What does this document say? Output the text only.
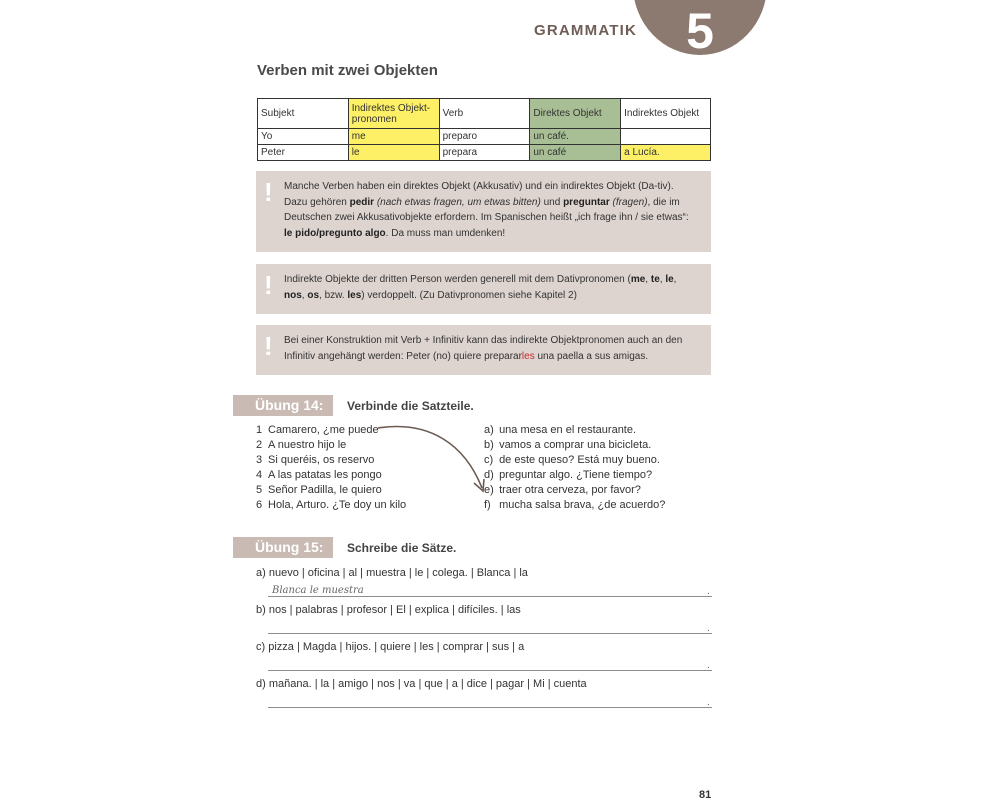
5
GRAMMATIK
Verben mit zwei Objekten
Subjekt	Indirektes Objekt-pronomen	Verb	Direktes Objekt	Indirektes Objekt
Yo	me	preparo	un café.	
Peter	le	prepara	un café	a Lucía.
! Manche Verben haben ein direktes Objekt (Akkusativ) und ein indirektes Objekt (Da-tiv). Dazu gehören pedir (nach etwas fragen, um etwas bitten) und preguntar (fragen), die im Deutschen zwei Akkusativobjekte erfordern. Im Spanischen heißt „ich frage ihn / sie etwas“: le pido/pregunto algo. Da muss man umdenken!
! Indirekte Objekte der dritten Person werden generell mit dem Dativpronomen (me, te, le, nos, os, bzw. les) verdoppelt. (Zu Dativpronomen siehe Kapitel 2)
! Bei einer Konstruktion mit Verb + Infinitiv kann das indirekte Objektpronomen auch an den Infinitiv angehängt werden: Peter (no) quiere prepararles una paella a sus amigas.
Übung 14:	Verbinde die Satzteile.
1 Camarero, ¿me puede
2 A nuestro hijo le
3 Si queréis, os reservo
4 A las patatas les pongo
5 Señor Padilla, le quiero
6 Hola, Arturo. ¿Te doy un kilo
a) una mesa en el restaurante.
b) vamos a comprar una bicicleta.
c) de este queso? Está muy bueno.
d) preguntar algo. ¿Tiene tiempo?
e) traer otra cerveza, por favor?
f) mucha salsa brava, ¿de acuerdo?
Übung 15:	Schreibe die Sätze.
a) nuevo | oficina | al | muestra | le | colega. | Blanca | la
Blanca le muestra	.
b) nos | palabras | profesor | El | explica | difíciles. | las
.
c) pizza | Magda | hijos. | quiere | les | comprar | sus | a
.
d) mañana. | la | amigo | nos | va | que | a | dice | pagar | Mi | cuenta
.
81
